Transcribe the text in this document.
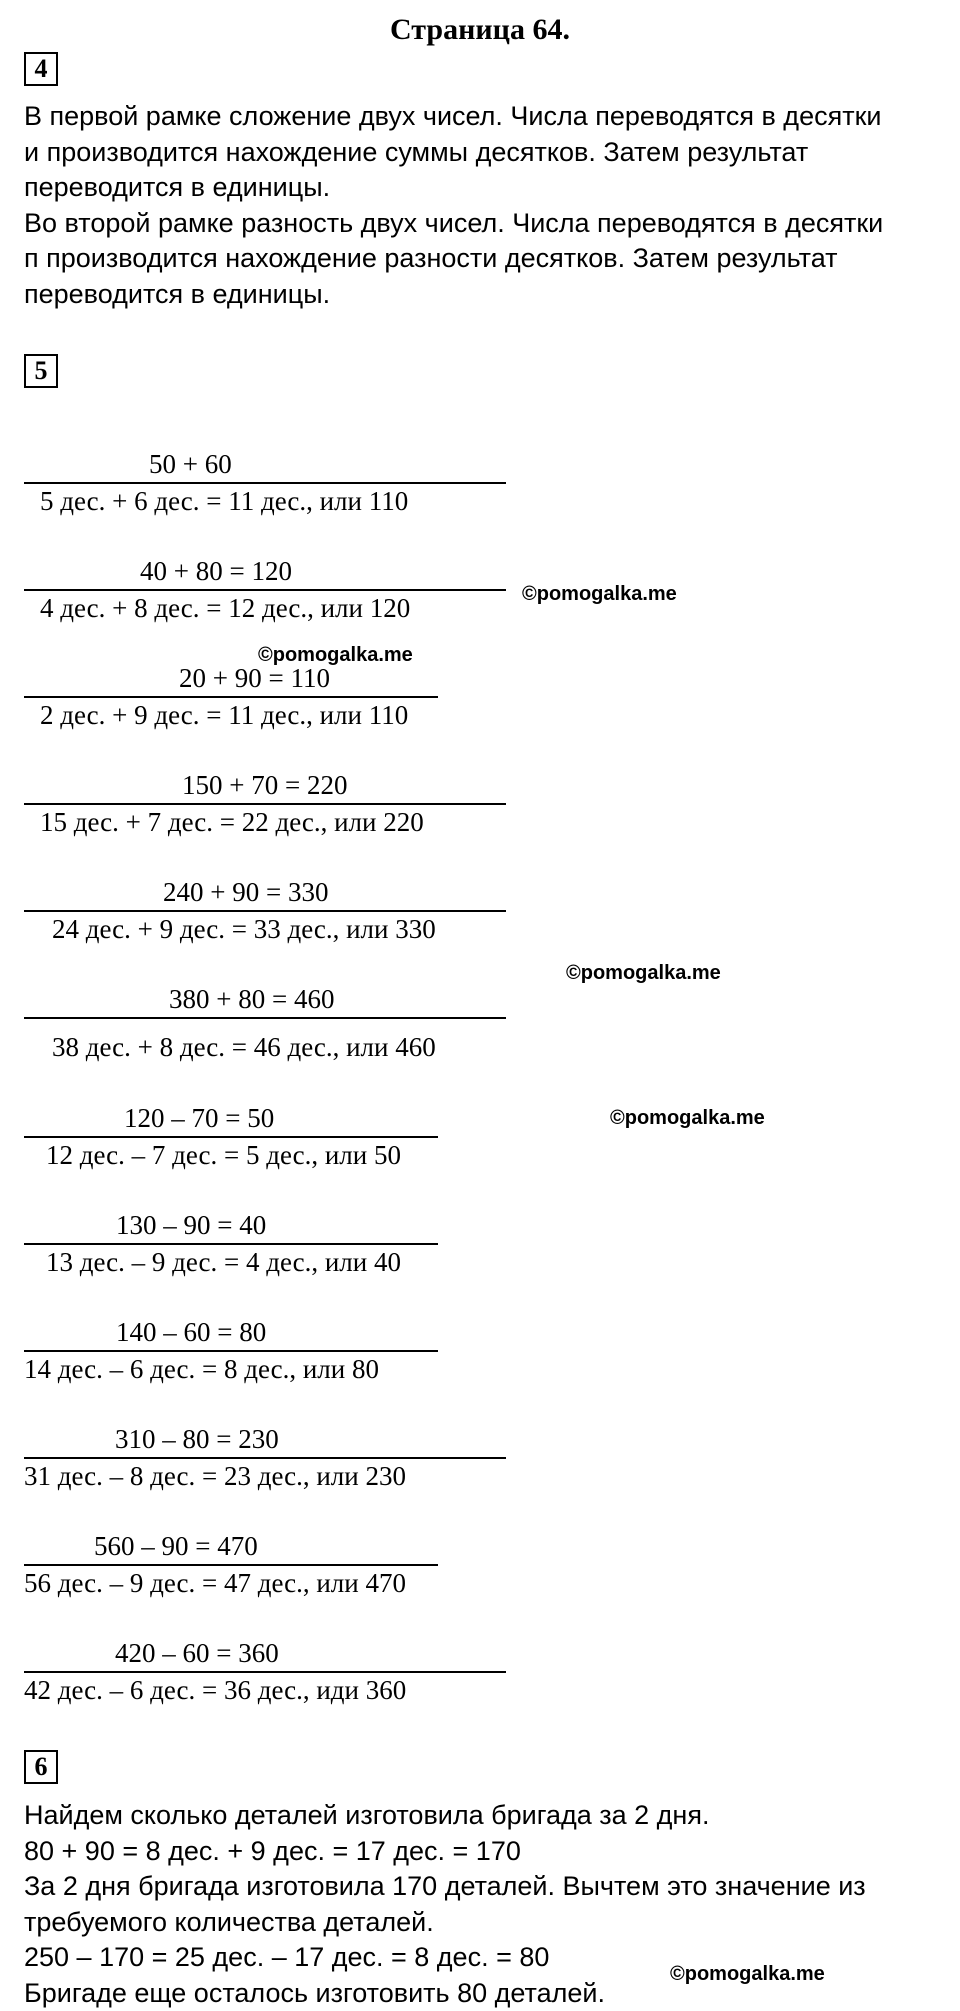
Страница 64.
4
В первой рамке сложение двух чисел. Числа переводятся в десятки
и производится нахождение суммы десятков. Затем результат
переводится в единицы.
Во второй рамке разность двух чисел. Числа переводятся в десятки
п производится нахождение разности десятков. Затем результат
переводится в единицы.
5
50 + 60
5 дес. + 6 дес. = 11 дес., или 110
40 + 80 = 120
4 дес. + 8 дес. = 12 дес., или 120
20 + 90 = 110
2 дес. + 9 дес. = 11 дес., или 110
150 + 70 = 220
15 дес. + 7 дес. = 22 дес., или 220
240 + 90 = 330
24 дес. + 9 дес. = 33 дес., или 330
380 + 80 = 460
38 дес. + 8 дес. = 46 дес., или 460
120 – 70 = 50
12 дес. – 7 дес. = 5 дес., или 50
130 – 90 = 40
13 дес. – 9 дес. = 4 дес., или 40
140 – 60 = 80
14 дес. – 6 дес. = 8 дес., или 80
310 – 80 = 230
31 дес. – 8 дес. = 23 дес., или 230
560 – 90 = 470
56 дес. – 9 дес. = 47 дес., или 470
420 – 60 = 360
42 дес. – 6 дес. = 36 дес., иди 360
6
Найдем сколько деталей изготовила бригада за 2 дня.
80 + 90 = 8 дес. + 9 дес. = 17 дес. = 170
За 2 дня бригада изготовила 170 деталей. Вычтем это значение из
требуемого количества деталей.
250 – 170 = 25 дес. – 17 дес. = 8 дес. = 80
Бригаде еще осталось изготовить 80 деталей.
©pomogalka.me
©pomogalka.me
©pomogalka.me
©pomogalka.me
©pomogalka.me
